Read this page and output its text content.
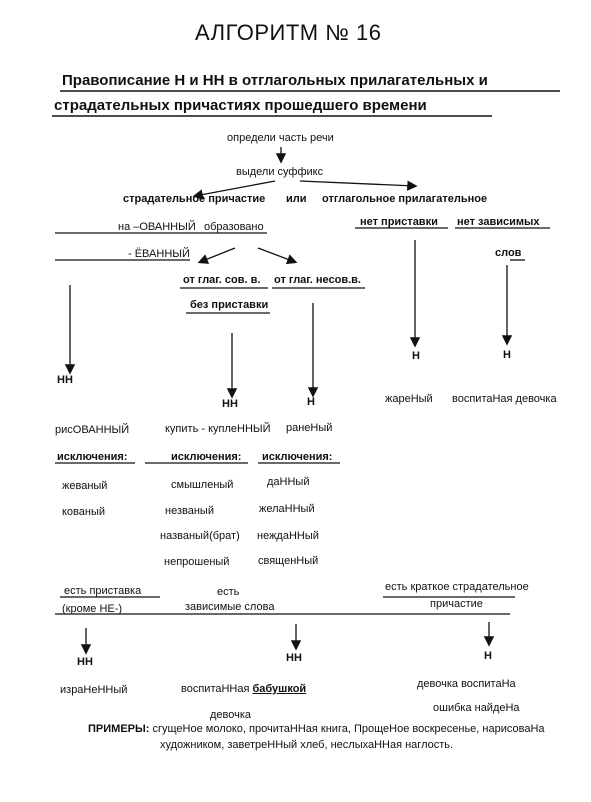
АЛГОРИТМ № 16
Правописание Н и НН в отглагольных прилагательных и
страдательных причастиях прошедшего времени
определи часть речи
выдели суффикс
страдательное причастие или отглагольное прилагательное
на –ОВАННЫЙ образовано	нет приставки нет зависимых
- ЁВАННЫЙ	слов
от глаг. сов. в. от глаг. несов.в.
без приставки
НН
НН	Н
Н	Н
рисОВАННЫЙ	купить - куплеННЫЙ ранеНый
жареНый воспитаНая девочка
исключения:	исключения: исключения:
жеваный
кованый
смышленый
незваный
названый(брат)
непрошеный
даННый
желаННый
неждаННый
священНый
есть приставка
(кроме НЕ-)
есть
зависимые слова
есть краткое страдательное
причастие
НН	НН	Н
израНеННый	воспитаННая бабушкой
девочка
девочка воспитаНа
ошибка найдеНа
ПРИМЕРЫ: сгущеНое молоко, прочитаННая книга, ПрощеНое воскресенье, нарисоваНа
художником, заветреННый хлеб, неслыхаННая наглость.
